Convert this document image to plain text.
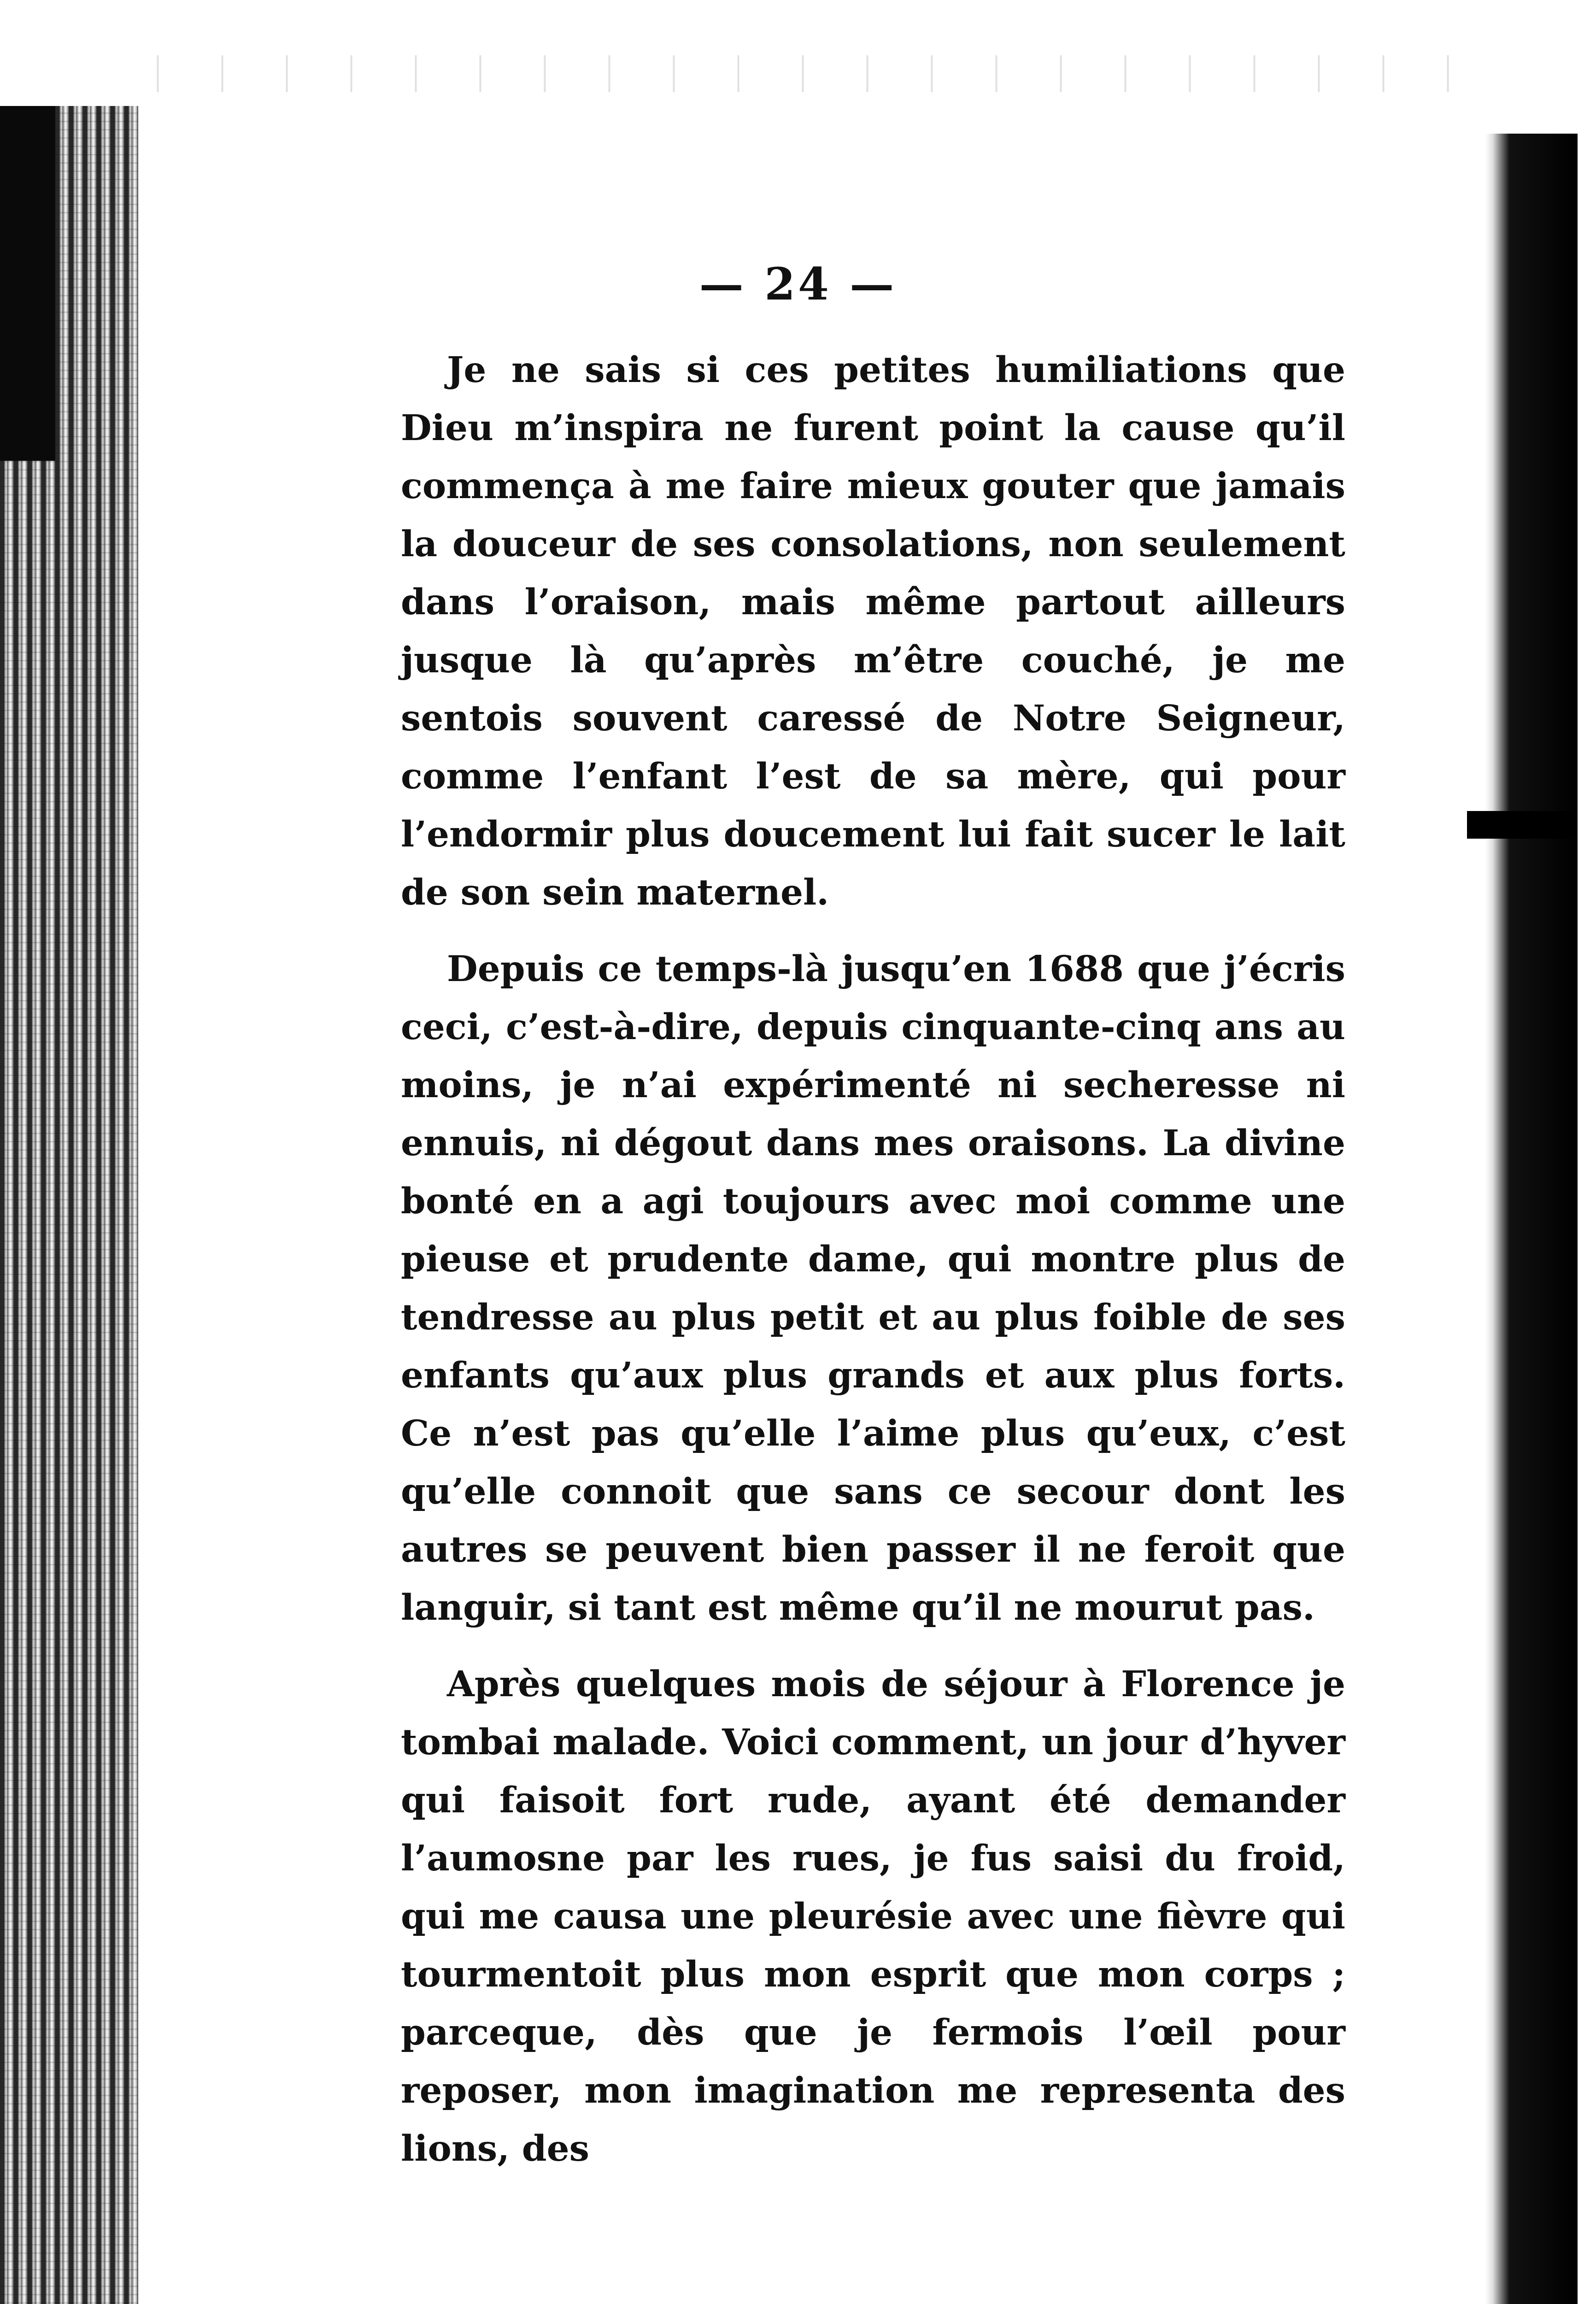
— 24 —

Je ne sais si ces petites humiliations que Dieu m’inspira ne furent point la cause qu’il commença à me faire mieux gouter que jamais la douceur de ses consolations, non seulement dans l’oraison, mais même partout ailleurs jusque là qu’après m’être couché, je me sentois souvent caressé de Notre Seigneur, comme l’enfant l’est de sa mère, qui pour l’endormir plus doucement lui fait sucer le lait de son sein maternel.

Depuis ce temps-là jusqu’en 1688 que j’écris ceci, c’est-à-dire, depuis cinquante-cinq ans au moins, je n’ai expérimenté ni secheresse ni ennuis, ni dégout dans mes oraisons. La divine bonté en a agi toujours avec moi comme une pieuse et prudente dame, qui montre plus de tendresse au plus petit et au plus foible de ses enfants qu’aux plus grands et aux plus forts. Ce n’est pas qu’elle l’aime plus qu’eux, c’est qu’elle connoit que sans ce secour dont les autres se peuvent bien passer il ne feroit que languir, si tant est même qu’il ne mourut pas.

Après quelques mois de séjour à Florence je tombai malade. Voici comment, un jour d’hyver qui faisoit fort rude, ayant été demander l’aumosne par les rues, je fus saisi du froid, qui me causa une pleurésie avec une fièvre qui tourmentoit plus mon esprit que mon corps ; parceque, dès que je fermois l’œil pour reposer, mon imagination me representa des lions, des
